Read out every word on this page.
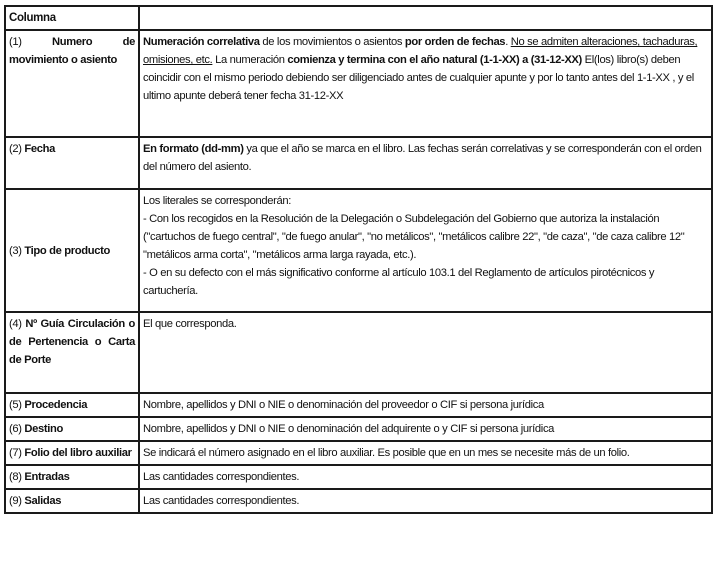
Columna	
(1) Numero de movimiento o asiento	Numeración correlativa de los movimientos o asientos por orden de fechas. No se admiten alteraciones, tachaduras, omisiones, etc. La numeración comienza y termina con el año natural (1-1-XX) a (31-12-XX) El(los) libro(s) deben coincidir con el mismo periodo debiendo ser diligenciado antes de cualquier apunte y por lo tanto antes del 1-1-XX , y el ultimo apunte deberá tener fecha 31-12-XX
(2) Fecha	En formato (dd-mm) ya que el año se marca en el libro. Las fechas serán correlativas y se corresponderán con el orden del número del asiento.
(3) Tipo de producto	Los literales se corresponderán:

- Con los recogidos en la Resolución de la Delegación o Subdelegación del Gobierno que autoriza la instalación ("cartuchos de fuego central", "de fuego anular", "no metálicos", "metálicos calibre 22", "de caza", "de caza calibre 12" "metálicos arma corta", "metálicos arma larga rayada, etc.).

- O en su defecto con el más significativo conforme al artículo 103.1 del Reglamento de artículos pirotécnicos y cartuchería.

(4) Nº Guía Circulación o de Pertenencia o Carta de Porte	El que corresponda.
(5) Procedencia	Nombre, apellidos y DNI o NIE o denominación del proveedor o CIF si persona jurídica
(6) Destino	Nombre, apellidos y DNI o NIE o denominación del adquirente o y CIF si persona jurídica
(7) Folio del libro auxiliar	Se indicará el número asignado en el libro auxiliar. Es posible que en un mes se necesite más de un folio.
(8) Entradas	Las cantidades correspondientes.
(9) Salidas	Las cantidades correspondientes.
